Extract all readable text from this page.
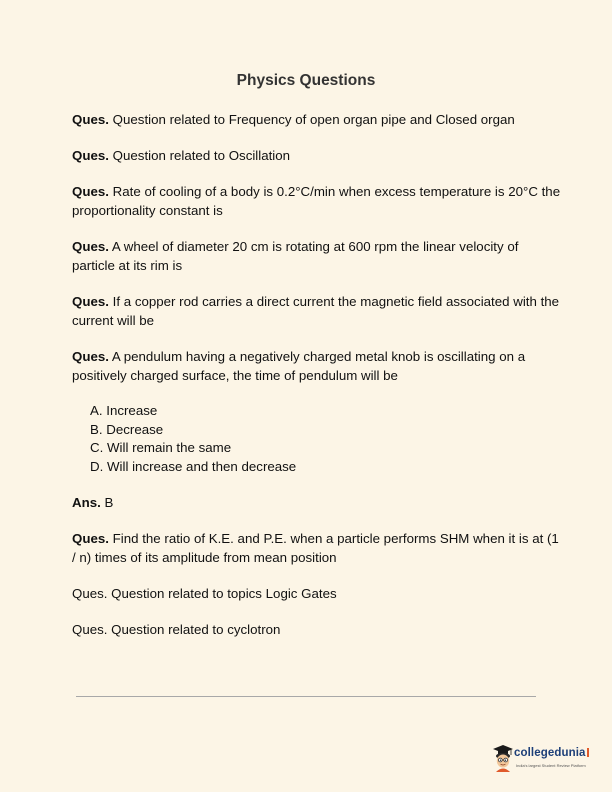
Physics Questions

Ques. Question related to Frequency of open organ pipe and Closed organ

Ques. Question related to Oscillation

Ques. Rate of cooling of a body is 0.2°C/min when excess temperature is 20°C the proportionality constant is

Ques. A wheel of diameter 20 cm is rotating at 600 rpm the linear velocity of particle at its rim is

Ques. If a copper rod carries a direct current the magnetic field associated with the current will be

Ques. A pendulum having a negatively charged metal knob is oscillating on a positively charged surface, the time of pendulum will be

A. Increase
B. Decrease
C. Will remain the same
D. Will increase and then decrease

Ans. B

Ques. Find the ratio of K.E. and P.E. when a particle performs SHM when it is at (1 / n) times of its amplitude from mean position

Ques. Question related to topics Logic Gates

Ques. Question related to cyclotron

collegedunia
India's largest Student Review Platform
